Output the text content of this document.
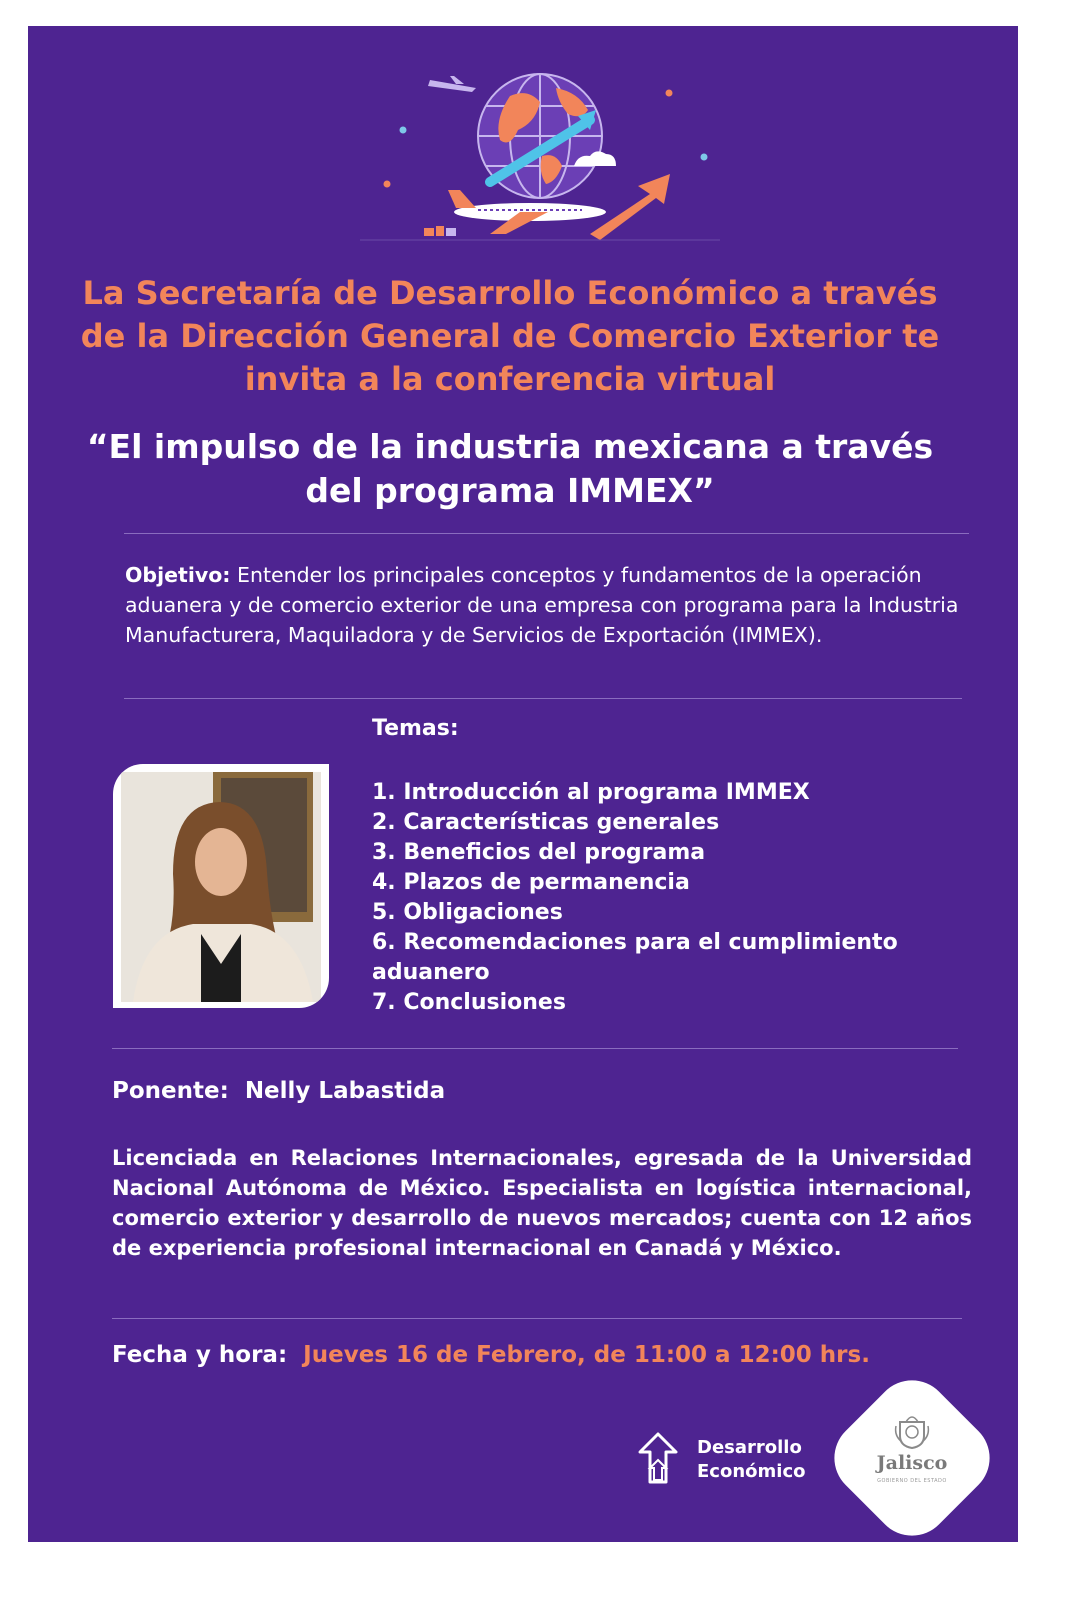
La Secretaría de Desarrollo Económico a través de la Dirección General de Comercio Exterior te invita a la conferencia virtual
“El impulso de la industria mexicana a través del programa IMMEX”
Objetivo: Entender los principales conceptos y fundamentos de la operación aduanera y de comercio exterior de una empresa con programa para la Industria Manufacturera, Maquiladora y de Servicios de Exportación (IMMEX).
Temas:
1. Introducción al programa IMMEX
2. Características generales
3. Beneficios del programa
4. Plazos de permanencia
5. Obligaciones
6. Recomendaciones para el cumplimiento aduanero
7. Conclusiones
Ponente: Nelly Labastida
Licenciada en Relaciones Internacionales, egresada de la Universidad Nacional Autónoma de México. Especialista en logística internacional, comercio exterior y desarrollo de nuevos mercados; cuenta con 12 años de experiencia profesional internacional en Canadá y México.
Fecha y hora: Jueves 16 de Febrero, de 11:00 a 12:00 hrs.
Desarrollo
Económico	Jalisco
GOBIERNO DEL ESTADO
